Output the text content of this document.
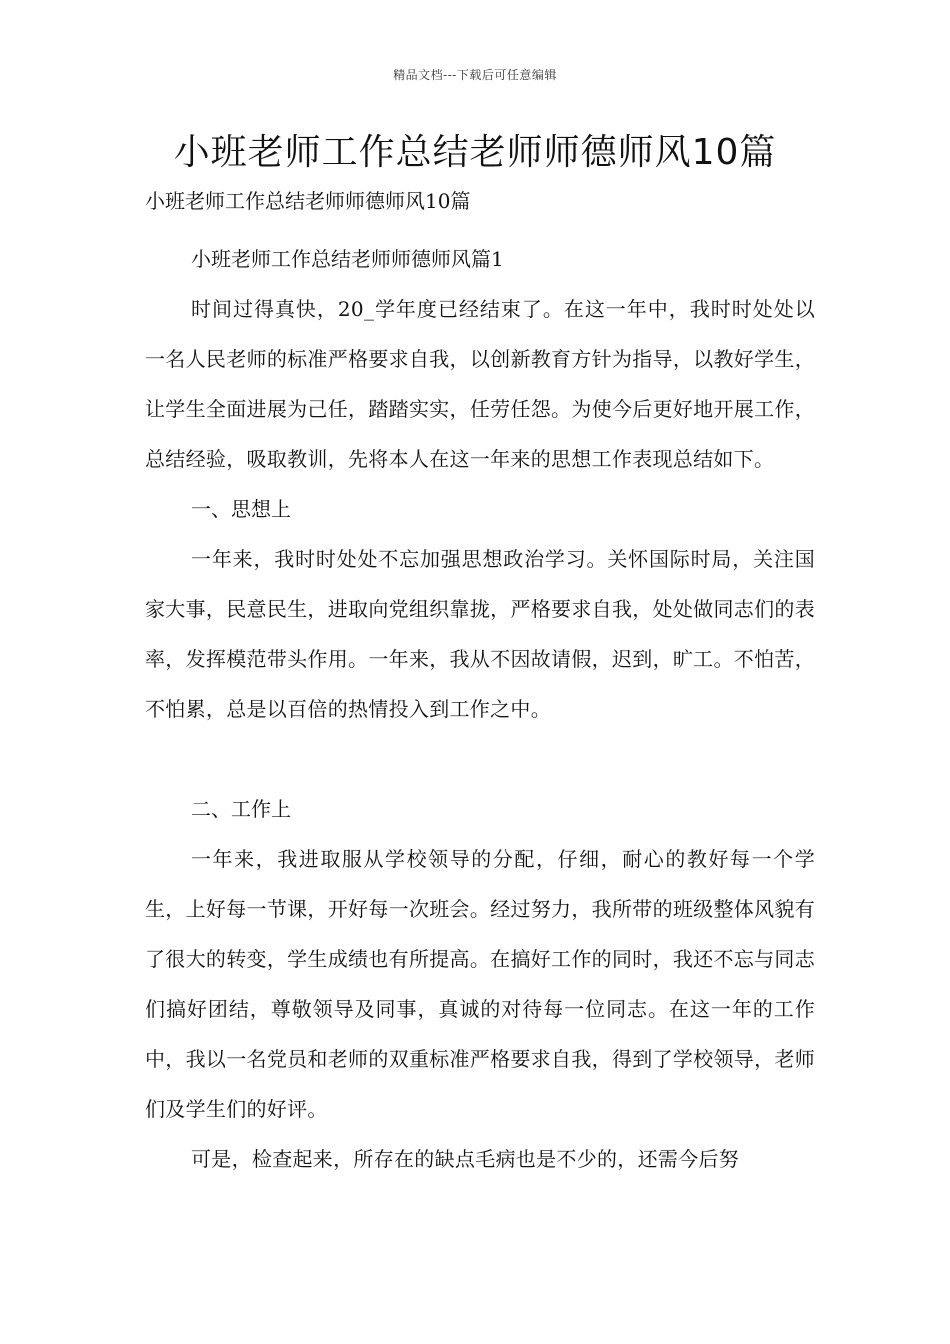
精品文档---下载后可任意编辑
小班老师工作总结老师师德师风10篇

小班老师工作总结老师师德师风10篇

小班老师工作总结老师师德师风篇1

时间过得真快，20_学年度已经结束了。在这一年中，我时时处处以一名人民老师的标准严格要求自我，以创新教育方针为指导，以教好学生，让学生全面进展为己任，踏踏实实，任劳任怨。为使今后更好地开展工作，总结经验，吸取教训，先将本人在这一年来的思想工作表现总结如下。

一、思想上

一年来，我时时处处不忘加强思想政治学习。关怀国际时局，关注国家大事，民意民生，进取向党组织靠拢，严格要求自我，处处做同志们的表率，发挥模范带头作用。一年来，我从不因故请假，迟到，旷工。不怕苦，不怕累，总是以百倍的热情投入到工作之中。

二、工作上

一年来，我进取服从学校领导的分配，仔细，耐心的教好每一个学生，上好每一节课，开好每一次班会。经过努力，我所带的班级整体风貌有了很大的转变，学生成绩也有所提高。在搞好工作的同时，我还不忘与同志们搞好团结，尊敬领导及同事，真诚的对待每一位同志。在这一年的工作中，我以一名党员和老师的双重标准严格要求自我，得到了学校领导，老师们及学生们的好评。

可是，检查起来，所存在的缺点毛病也是不少的，还需今后努
